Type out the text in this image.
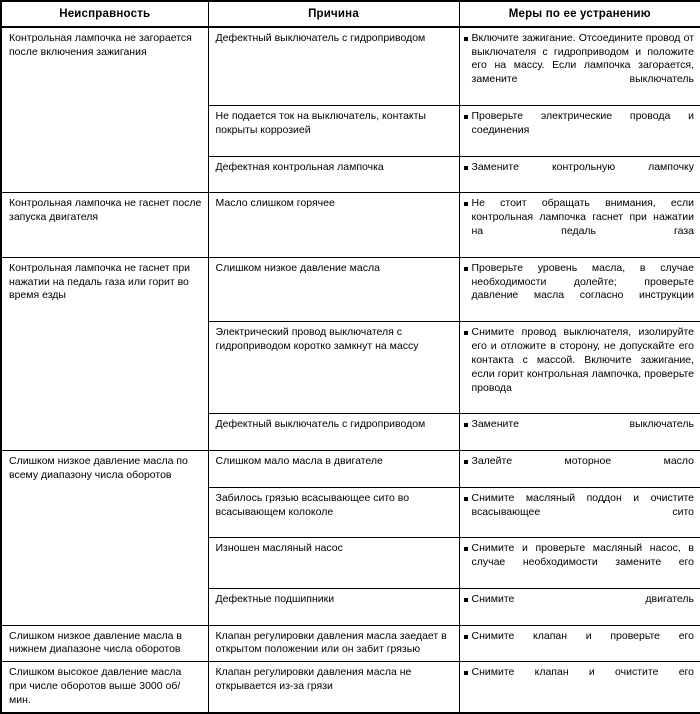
Неисправность	Причина	Меры по ее устранению

Контрольная лампочка не загорается после включения зажигания	Дефектный выключатель с гидроприводом	Включите зажигание. Отсоедините провод от выключателя с гидроприводом и положите его на массу. Если лампочка загорается, замените выключатель

	Не подается ток на выключатель, контакты покрыты коррозией	Проверьте электрические провода и соединения

	Дефектная контрольная лампочка	Замените контрольную лампочку

Контрольная лампочка не гаснет после запуска двигателя	Масло слишком горячее	Не стоит обращать внимания, если контрольная лампочка гаснет при нажатии на педаль газа

Контрольная лампочка не гаснет при нажатии на педаль газа или горит во время езды	Слишком низкое давление масла	Проверьте уровень масла, в случае необходимости долейте; проверьте давление масла согласно инструкции

	Электрический провод выключателя с гидроприводом коротко замкнут на массу	Снимите провод выключателя, изолируйте его и отложите в сторону, не допускайте его контакта с массой. Включите зажигание, если горит контрольная лампочка, проверьте провода

	Дефектный выключатель с гидроприводом	Замените выключатель

Слишком низкое давление масла по всему диапазону числа оборотов	Слишком мало масла в двигателе	Залейте моторное масло

	Забилось грязью всасывающее сито во всасывающем колоколе	Снимите масляный поддон и очистите всасывающее сито

	Изношен масляный насос	Снимите и проверьте масляный насос, в случае необходимости замените его

	Дефектные подшипники	Снимите двигатель

Слишком низкое давление масла в нижнем диапазоне числа оборотов	Клапан регулировки давления масла заедает в открытом положении или он забит грязью	Снимите клапан и проверьте его

Слишком высокое давление масла при числе оборотов выше 3000 об/мин.	Клапан регулировки давления масла не открывается из-за грязи	Снимите клапан и очистите его
